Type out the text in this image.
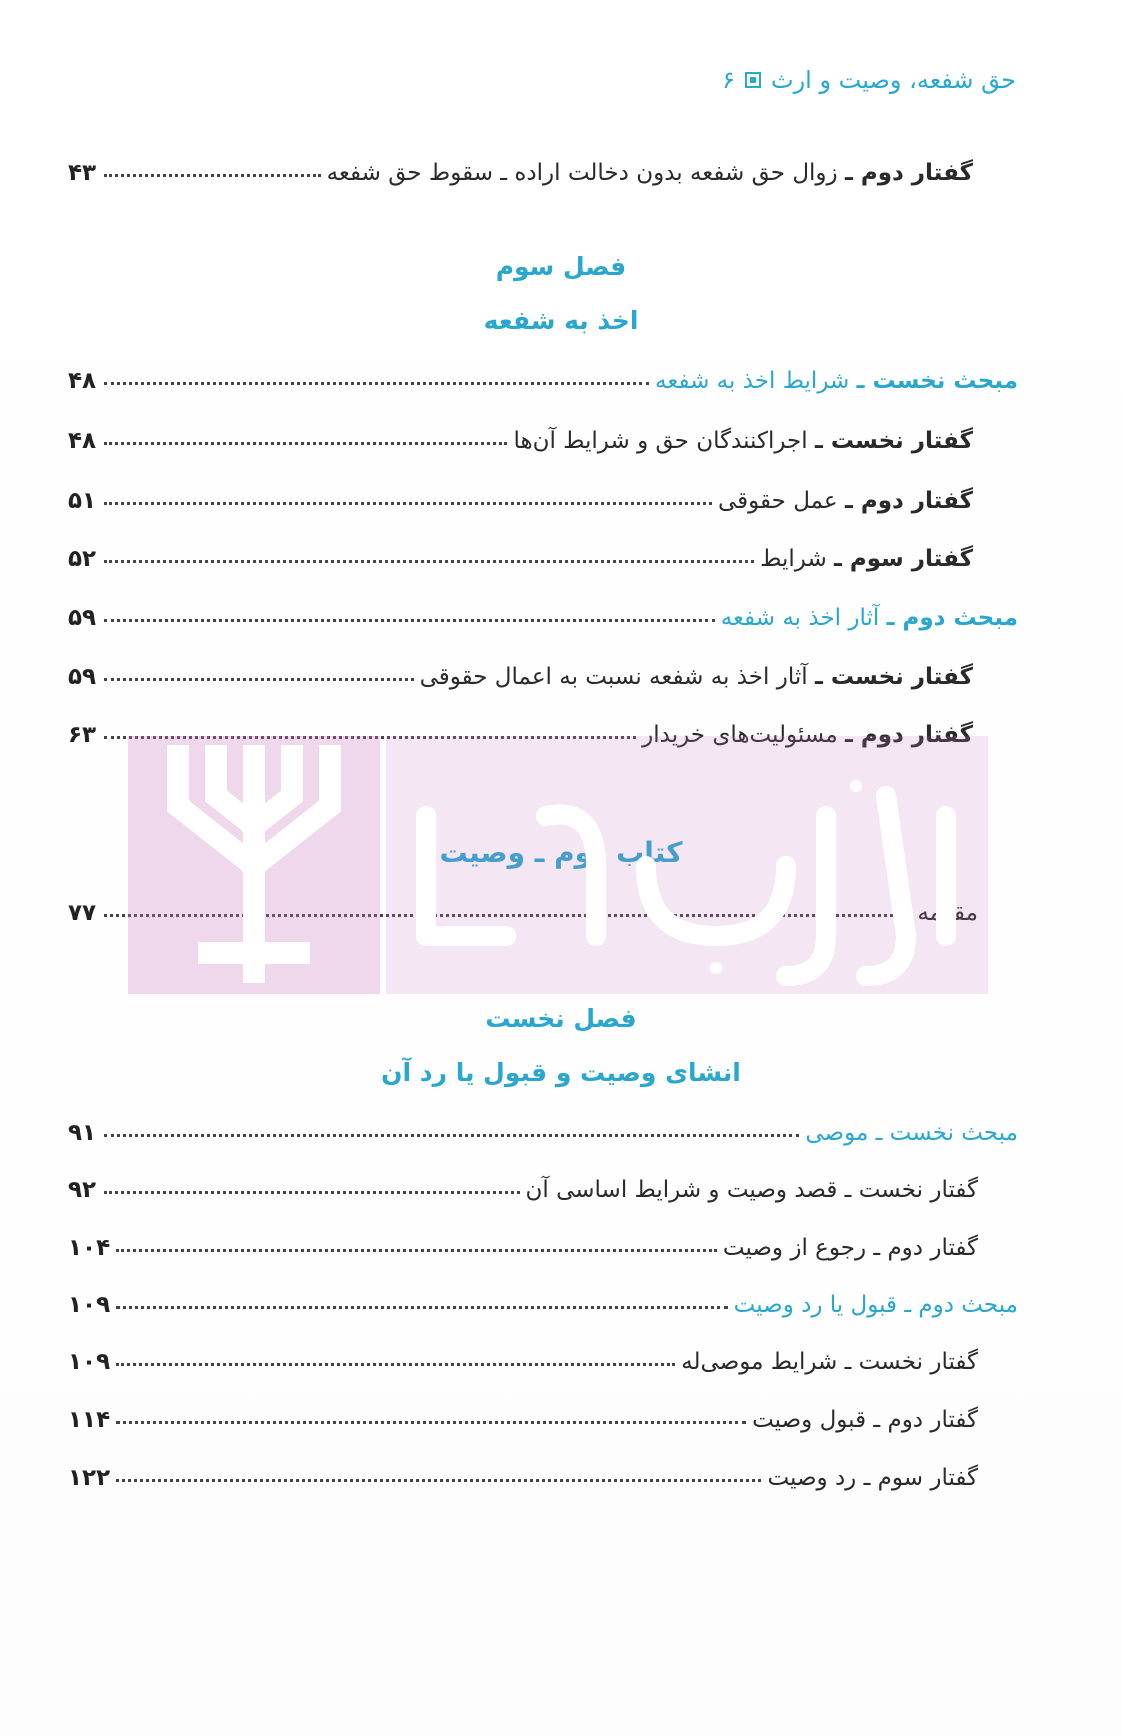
۶ حق شفعه، وصیت و ارث
۴۳	گفتار دوم ـ زوال حق شفعه بدون دخالت اراده ـ سقوط حق شفعه
فصل سوم
اخذ به شفعه
۴۸	مبحث نخست ـ شرایط اخذ به شفعه
۴۸	گفتار نخست ـ اجراکنندگان حق و شرایط آن‌ها
۵۱	گفتار دوم ـ عمل حقوقی
۵۲	گفتار سوم ـ شرایط
۵۹	مبحث دوم ـ آثار اخذ به شفعه
۵۹	گفتار نخست ـ آثار اخذ به شفعه نسبت به اعمال حقوقی
۶۳	گفتار دوم ـ مسئولیت‌های خریدار
کتاب دوم ـ وصیت
۷۷	مقدمه
فصل نخست
انشای وصیت و قبول یا رد آن
۹۱	مبحث نخست ـ موصی
۹۲	گفتار نخست ـ قصد وصیت و شرایط اساسی آن
۱۰۴	گفتار دوم ـ رجوع از وصیت
۱۰۹	مبحث دوم ـ قبول یا رد وصیت
۱۰۹	گفتار نخست ـ شرایط موصی‌له
۱۱۴	گفتار دوم ـ قبول وصیت
۱۲۲	گفتار سوم ـ رد وصیت
